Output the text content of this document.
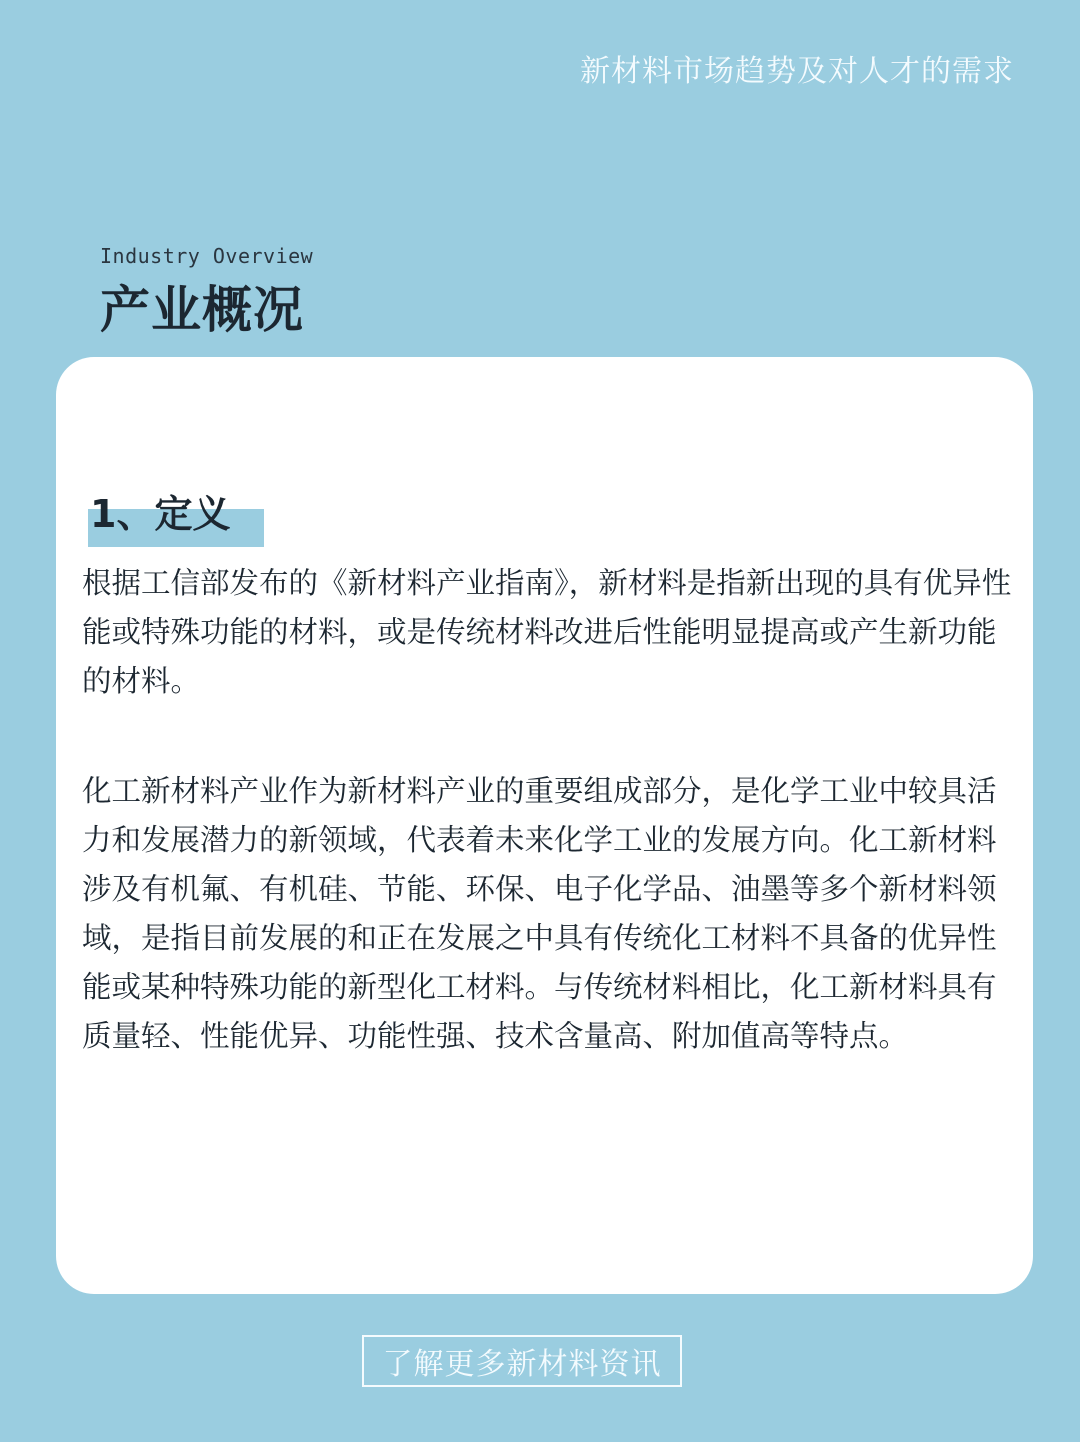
新材料市场趋势及对人才的需求
Industry Overview
产业概况
1、定义

根据工信部发布的《新材料产业指南》，新材料是指新出现的具有优异性能或特殊功能的材料，或是传统材料改进后性能明显提高或产生新功能的材料。

化工新材料产业作为新材料产业的重要组成部分，是化学工业中较具活力和发展潜力的新领域，代表着未来化学工业的发展方向。化工新材料涉及有机氟、有机硅、节能、环保、电子化学品、油墨等多个新材料领域，是指目前发展的和正在发展之中具有传统化工材料不具备的优异性能或某种特殊功能的新型化工材料。与传统材料相比，化工新材料具有质量轻、性能优异、功能性强、技术含量高、附加值高等特点。

了解更多新材料资讯
